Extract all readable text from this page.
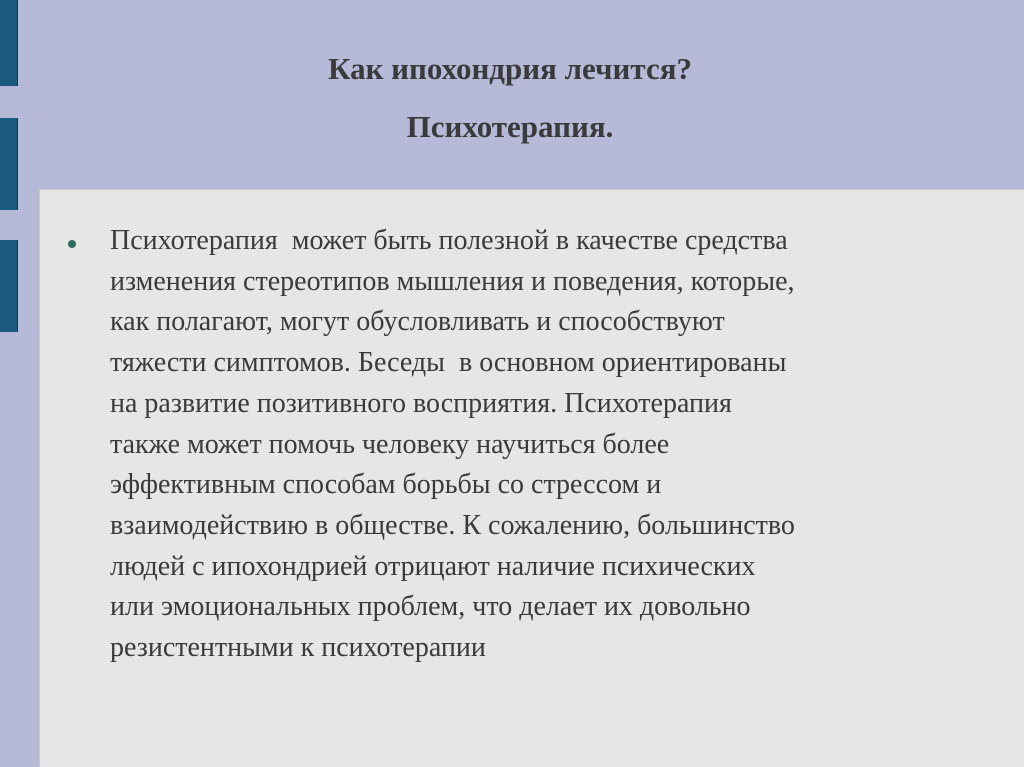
Как ипохондрия лечится?
Психотерапия.

Психотерапия  может быть полезной в качестве средства
изменения стереотипов мышления и поведения, которые,
как полагают, могут обусловливать и способствуют
тяжести симптомов. Беседы  в основном ориентированы
на развитие позитивного восприятия. Психотерапия
также может помочь человеку научиться более
эффективным способам борьбы со стрессом и
взаимодействию в обществе. К сожалению, большинство
людей с ипохондрией отрицают наличие психических
или эмоциональных проблем, что делает их довольно
резистентными к психотерапии
